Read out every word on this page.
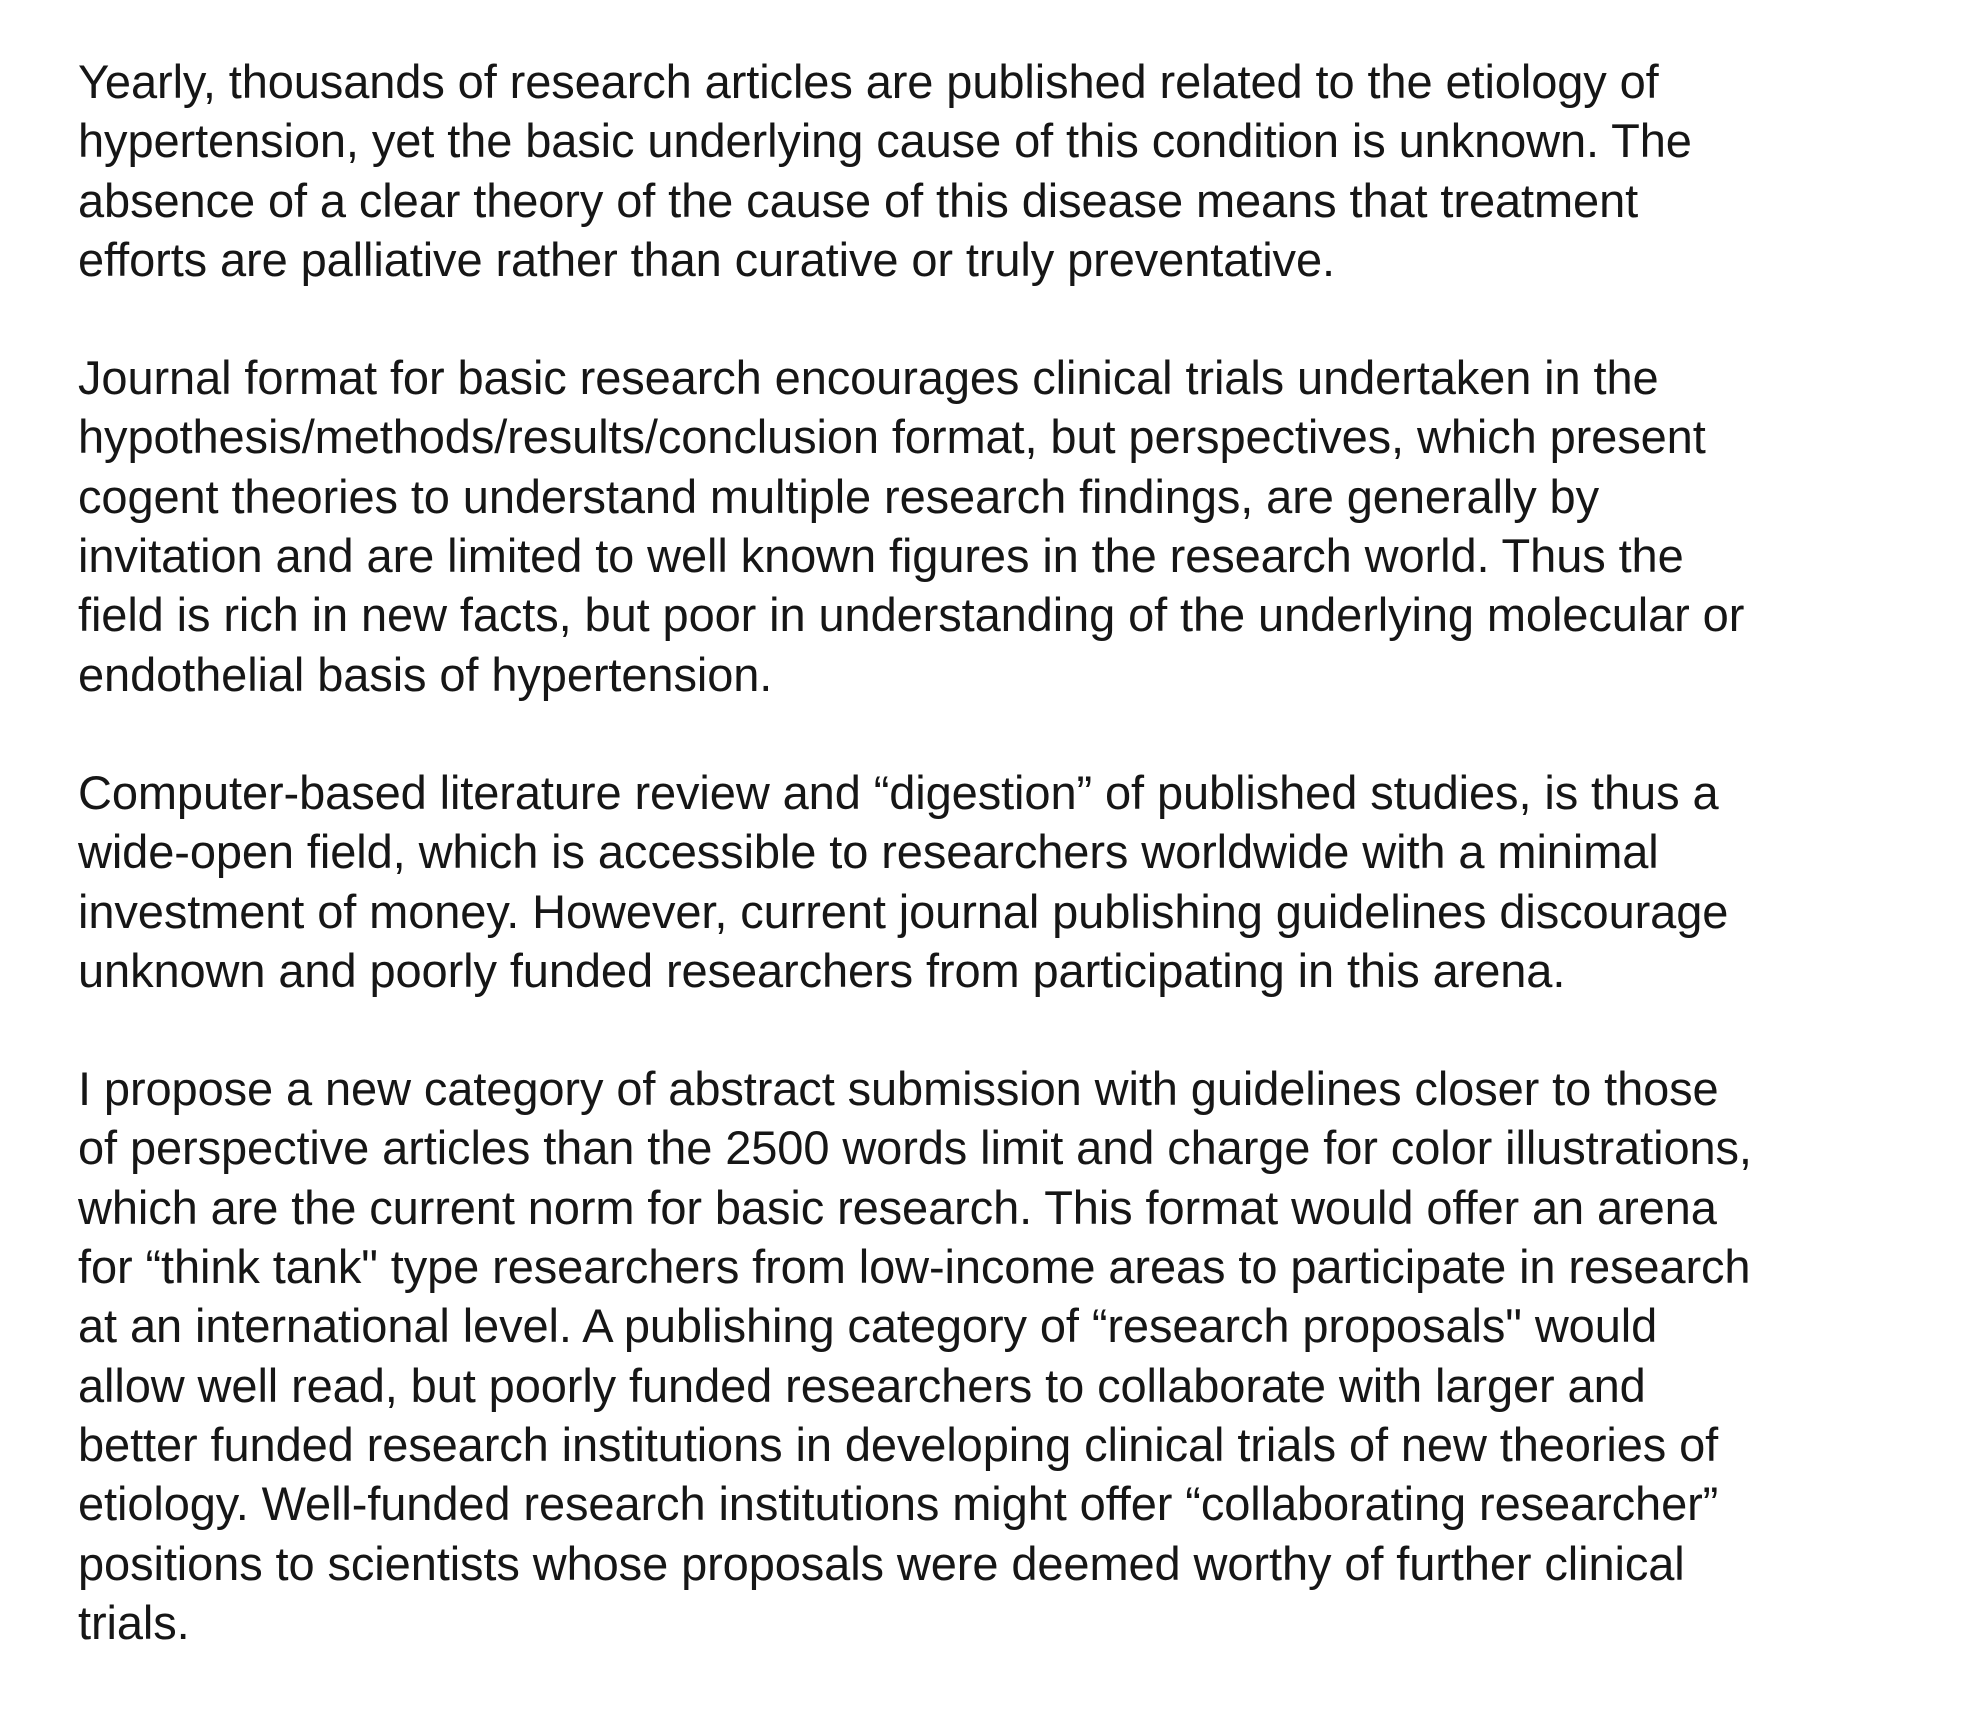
Yearly, thousands of research articles are published related to the etiology of
hypertension, yet the basic underlying cause of this condition is unknown. The
absence of a clear theory of the cause of this disease means that treatment
efforts are palliative rather than curative or truly preventative.

Journal format for basic research encourages clinical trials undertaken in the
hypothesis/methods/results/conclusion format, but perspectives, which present
cogent theories to understand multiple research findings, are generally by
invitation and are limited to well known figures in the research world. Thus the
field is rich in new facts, but poor in understanding of the underlying molecular or
endothelial basis of hypertension.

Computer-based literature review and “digestion” of published studies, is thus a
wide-open field, which is accessible to researchers worldwide with a minimal
investment of money. However, current journal publishing guidelines discourage
unknown and poorly funded researchers from participating in this arena.

I propose a new category of abstract submission with guidelines closer to those
of perspective articles than the 2500 words limit and charge for color illustrations,
which are the current norm for basic research. This format would offer an arena
for “think tank" type researchers from low-income areas to participate in research
at an international level. A publishing category of “research proposals" would
allow well read, but poorly funded researchers to collaborate with larger and
better funded research institutions in developing clinical trials of new theories of
etiology. Well-funded research institutions might offer “collaborating researcher”
positions to scientists whose proposals were deemed worthy of further clinical
trials.
